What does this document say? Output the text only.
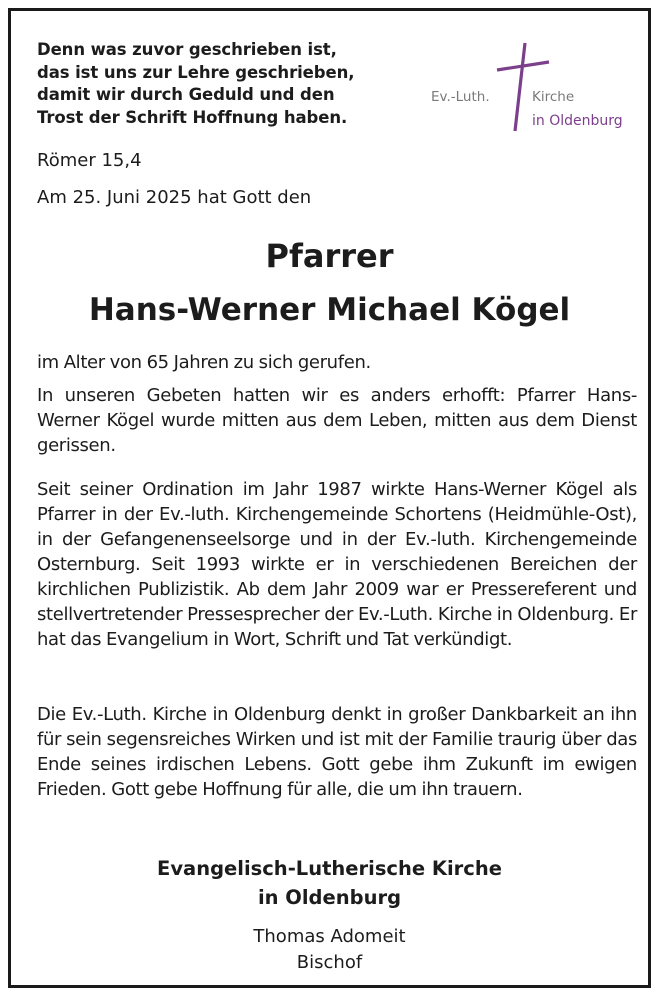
Denn was zuvor geschrieben ist,
das ist uns zur Lehre geschrieben,
damit wir durch Geduld und den
Trost der Schrift Hoffnung haben.
Römer 15,4
Ev.-Luth.	Kirche
in Oldenburg
Am 25. Juni 2025 hat Gott den
Pfarrer
Hans-Werner Michael Kögel
im Alter von 65 Jahren zu sich gerufen.
In unseren Gebeten hatten wir es anders erhofft: Pfarrer Hans-Werner Kögel wurde mitten aus dem Leben, mitten aus dem Dienst gerissen.
Seit seiner Ordination im Jahr 1987 wirkte Hans-Werner Kögel als Pfarrer in der Ev.-luth. Kirchengemeinde Schortens (Heidmühle-Ost), in der Gefangenenseelsorge und in der Ev.-luth. Kirchengemeinde Osternburg. Seit 1993 wirkte er in verschiedenen Bereichen der kirchlichen Publizistik. Ab dem Jahr 2009 war er Pressereferent und stellvertretender Pressesprecher der Ev.-Luth. Kirche in Oldenburg. Er hat das Evangelium in Wort, Schrift und Tat verkündigt.
Die Ev.-Luth. Kirche in Oldenburg denkt in großer Dankbarkeit an ihn für sein segensreiches Wirken und ist mit der Familie traurig über das Ende seines irdischen Lebens. Gott gebe ihm Zukunft im ewigen Frieden. Gott gebe Hoffnung für alle, die um ihn trauern.
Evangelisch-Lutherische Kirche
in Oldenburg
Thomas Adomeit
Bischof
